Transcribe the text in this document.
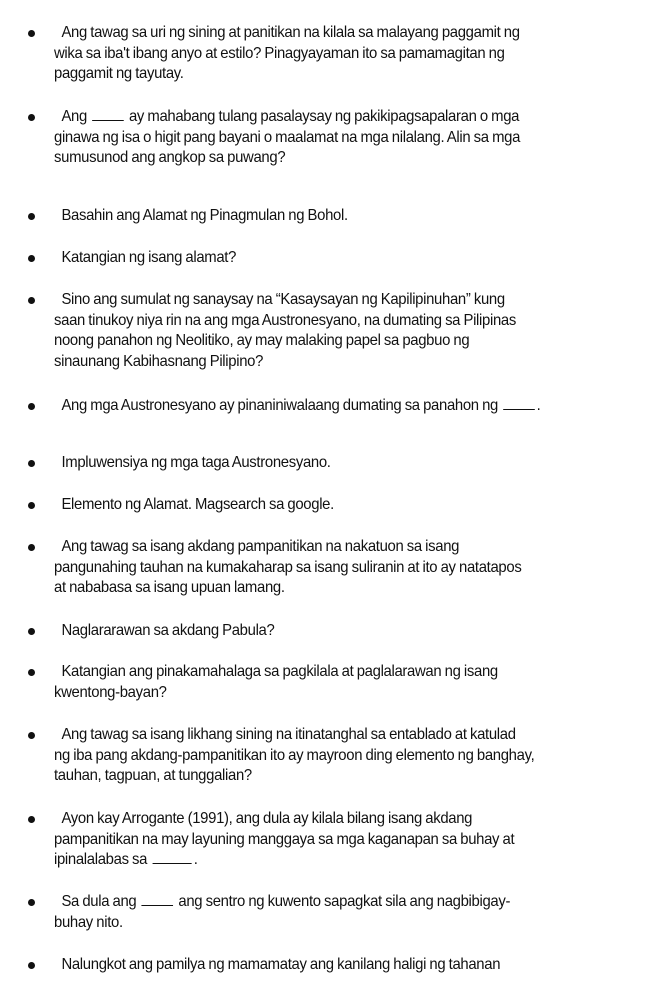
Ang tawag sa uri ng sining at panitikan na kilala sa malayang paggamit ng
wika sa iba't ibang anyo at estilo? Pinagyayaman ito sa pamamagitan ng
paggamit ng tayutay.
Ang  ay mahabang tulang pasalaysay ng pakikipagsapalaran o mga
ginawa ng isa o higit pang bayani o maalamat na mga nilalang. Alin sa mga
sumusunod ang angkop sa puwang?
Basahin ang Alamat ng Pinagmulan ng Bohol.
Katangian ng isang alamat?
Sino ang sumulat ng sanaysay na “Kasaysayan ng Kapilipinuhan” kung
saan tinukoy niya rin na ang mga Austronesyano, na dumating sa Pilipinas
noong panahon ng Neolitiko, ay may malaking papel sa pagbuo ng
sinaunang Kabihasnang Pilipino?
Ang mga Austronesyano ay pinaniniwalaang dumating sa panahon ng .
Impluwensiya ng mga taga Austronesyano.
Elemento ng Alamat. Magsearch sa google.
Ang tawag sa isang akdang pampanitikan na nakatuon sa isang
pangunahing tauhan na kumakaharap sa isang suliranin at ito ay natatapos
at nababasa sa isang upuan lamang.
Naglararawan sa akdang Pabula?
Katangian ang pinakamahalaga sa pagkilala at paglalarawan ng isang
kwentong-bayan?
Ang tawag sa isang likhang sining na itinatanghal sa entablado at katulad
ng iba pang akdang-pampanitikan ito ay mayroon ding elemento ng banghay,
tauhan, tagpuan, at tunggalian?
Ayon kay Arrogante (1991), ang dula ay kilala bilang isang akdang
pampanitikan na may layuning manggaya sa mga kaganapan sa buhay at
ipinalalabas sa	.
Sa dula ang  ang sentro ng kuwento sapagkat sila ang nagbibigay-
buhay nito.
Nalungkot ang pamilya ng mamamatay ang kanilang haligi ng tahanan
